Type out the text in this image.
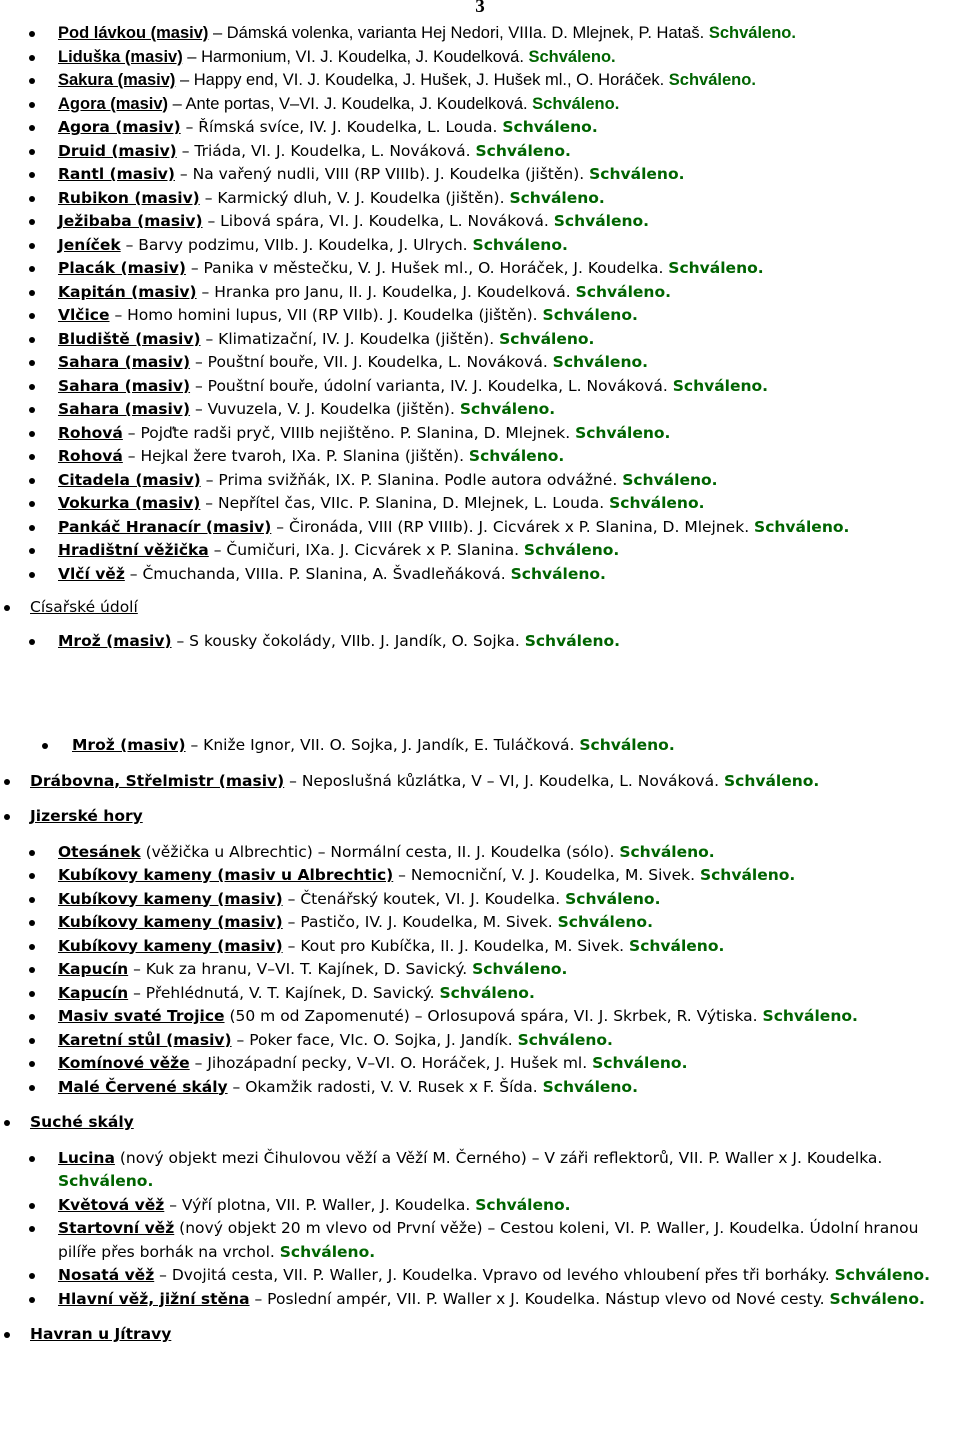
3
Pod lávkou (masiv) – Dámská volenka, varianta Hej Nedori, VIIIa. D. Mlejnek, P. Hataš. Schváleno.
Liduška (masiv) – Harmonium, VI. J. Koudelka, J. Koudelková. Schváleno.
Sakura (masiv) – Happy end, VI. J. Koudelka, J. Hušek, J. Hušek ml., O. Horáček. Schváleno.
Agora (masiv) – Ante portas, V–VI. J. Koudelka, J. Koudelková. Schváleno.
Agora (masiv) – Římská svíce, IV. J. Koudelka, L. Louda. Schváleno.
Druid (masiv) – Triáda, VI. J. Koudelka, L. Nováková. Schváleno.
Rantl (masiv) – Na vařený nudli, VIII (RP VIIIb). J. Koudelka (jištěn). Schváleno.
Rubikon (masiv) – Karmický dluh, V. J. Koudelka (jištěn). Schváleno.
Ježibaba (masiv) – Libová spára, VI. J. Koudelka, L. Nováková. Schváleno.
Jeníček – Barvy podzimu, VIIb. J. Koudelka, J. Ulrych. Schváleno.
Placák (masiv) – Panika v městečku, V. J. Hušek ml., O. Horáček, J. Koudelka. Schváleno.
Kapitán (masiv) – Hranka pro Janu, II. J. Koudelka, J. Koudelková. Schváleno.
Vlčice – Homo homini lupus, VII (RP VIIb). J. Koudelka (jištěn). Schváleno.
Bludiště (masiv) – Klimatizační, IV. J. Koudelka (jištěn). Schváleno.
Sahara (masiv) – Pouštní bouře, VII. J. Koudelka, L. Nováková. Schváleno.
Sahara (masiv) – Pouštní bouře, údolní varianta, IV. J. Koudelka, L. Nováková. Schváleno.
Sahara (masiv) – Vuvuzela, V. J. Koudelka (jištěn). Schváleno.
Rohová – Pojďte radši pryč, VIIIb nejištěno. P. Slanina, D. Mlejnek. Schváleno.
Rohová – Hejkal žere tvaroh, IXa. P. Slanina (jištěn). Schváleno.
Citadela (masiv) – Prima svižňák, IX. P. Slanina. Podle autora odvážné. Schváleno.
Vokurka (masiv) – Nepřítel čas, VIIc. P. Slanina, D. Mlejnek, L. Louda. Schváleno.
Pankáč Hranacír (masiv) – Čironáda, VIII (RP VIIIb). J. Cicvárek x P. Slanina, D. Mlejnek. Schváleno.
Hradištní věžička – Čumičuri, IXa. J. Cicvárek x P. Slanina. Schváleno.
Vlčí věž – Čmuchanda, VIIIa. P. Slanina, A. Švadleňáková. Schváleno.
Císařské údolí
Mrož (masiv) – S kousky čokolády, VIIb. J. Jandík, O. Sojka. Schváleno.
Mrož (masiv) – Kniže Ignor, VII. O. Sojka, J. Jandík, E. Tuláčková. Schváleno.
Drábovna, Střelmistr (masiv) – Neposlušná kůzlátka, V – VI, J. Koudelka, L. Nováková. Schváleno.
Jizerské hory
Otesánek (věžička u Albrechtic) – Normální cesta, II. J. Koudelka (sólo). Schváleno.
Kubíkovy kameny (masiv u Albrechtic) – Nemocniční, V. J. Koudelka, M. Sivek. Schváleno.
Kubíkovy kameny (masiv) – Čtenářský koutek, VI. J. Koudelka. Schváleno.
Kubíkovy kameny (masiv) – Pastičo, IV. J. Koudelka, M. Sivek. Schváleno.
Kubíkovy kameny (masiv) – Kout pro Kubíčka, II. J. Koudelka, M. Sivek. Schváleno.
Kapucín – Kuk za hranu, V–VI. T. Kajínek, D. Savický. Schváleno.
Kapucín – Přehlédnutá, V. T. Kajínek, D. Savický. Schváleno.
Masiv svaté Trojice (50 m od Zapomenuté) – Orlosupová spára, VI. J. Skrbek, R. Výtiska. Schváleno.
Karetní stůl (masiv) – Poker face, VIc. O. Sojka, J. Jandík. Schváleno.
Komínové věže – Jihozápadní pecky, V–VI. O. Horáček, J. Hušek ml. Schváleno.
Malé Červené skály – Okamžik radosti, V. V. Rusek x F. Šída. Schváleno.
Suché skály
Lucina (nový objekt mezi Čihulovou věží a Věží M. Černého) – V záři reflektorů, VII. P. Waller x J. Koudelka. Schváleno.
Květová věž – Výří plotna, VII. P. Waller, J. Koudelka. Schváleno.
Startovní věž (nový objekt 20 m vlevo od První věže) – Cestou koleni, VI. P. Waller, J. Koudelka. Údolní hranou pilíře přes borhák na vrchol. Schváleno.
Nosatá věž – Dvojitá cesta, VII. P. Waller, J. Koudelka. Vpravo od levého vhloubení přes tři borháky. Schváleno.
Hlavní věž, jižní stěna – Poslední ampér, VII. P. Waller x J. Koudelka. Nástup vlevo od Nové cesty. Schváleno.
Havran u Jítravy
